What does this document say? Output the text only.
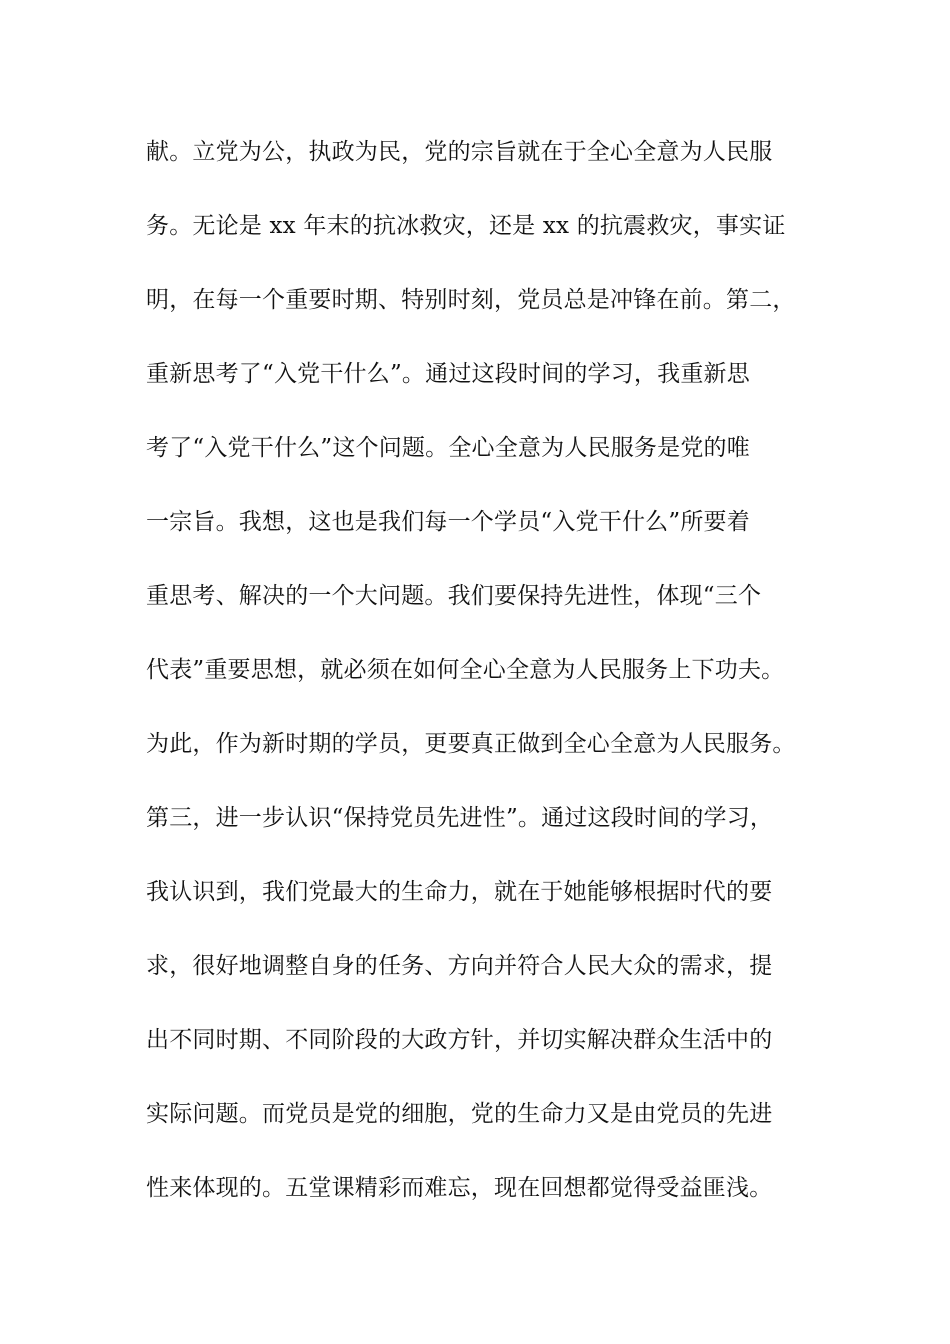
献。立党为公，执政为民，党的宗旨就在于全心全意为人民服
务。无论是 xx 年末的抗冰救灾，还是 xx 的抗震救灾，事实证
明，在每一个重要时期、特别时刻，党员总是冲锋在前。第二，
重新思考了“入党干什么”。通过这段时间的学习，我重新思
考了“入党干什么”这个问题。全心全意为人民服务是党的唯
一宗旨。我想，这也是我们每一个学员“入党干什么”所要着
重思考、解决的一个大问题。我们要保持先进性，体现“三个
代表”重要思想，就必须在如何全心全意为人民服务上下功夫。
为此，作为新时期的学员，更要真正做到全心全意为人民服务。
第三，进一步认识“保持党员先进性”。通过这段时间的学习，
我认识到，我们党最大的生命力，就在于她能够根据时代的要
求，很好地调整自身的任务、方向并符合人民大众的需求，提
出不同时期、不同阶段的大政方针，并切实解决群众生活中的
实际问题。而党员是党的细胞，党的生命力又是由党员的先进
性来体现的。五堂课精彩而难忘，现在回想都觉得受益匪浅。
